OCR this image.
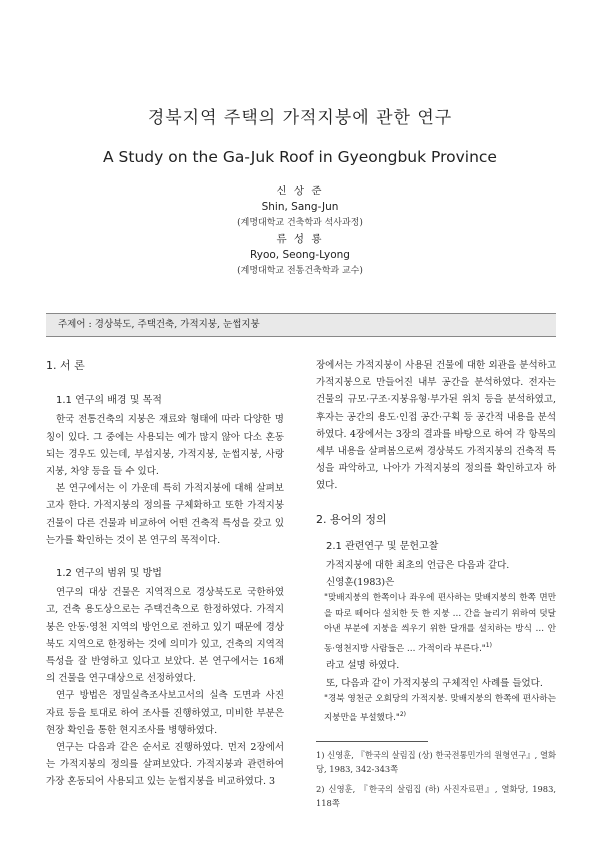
경북지역 주택의 가적지붕에 관한 연구
A Study on the Ga-Juk Roof in Gyeongbuk Province
신 상 준
Shin, Sang-Jun
(계명대학교 건축학과 석사과정)
류 성 룡
Ryoo, Seong-Lyong
(계명대학교 전통건축학과 교수)
주제어 : 경상북도, 주택건축, 가적지붕, 눈썹지붕
1. 서 론
1.1 연구의 배경 및 목적

한국 전통건축의 지붕은 재료와 형태에 따라 다양한 명칭이 있다. 그 중에는 사용되는 예가 많지 않아 다소 혼동되는 경우도 있는데, 부섭지붕, 가적지붕, 눈썹지붕, 사랑지붕, 차양 등을 들 수 있다.

본 연구에서는 이 가운데 특히 가적지붕에 대해 살펴보고자 한다. 가적지붕의 정의를 구체화하고 또한 가적지붕 건물이 다른 건물과 비교하여 어떤 건축적 특성을 갖고 있는가를 확인하는 것이 본 연구의 목적이다.

1.2 연구의 범위 및 방법

연구의 대상 건물은 지역적으로 경상북도로 국한하였고, 건축 용도상으로는 주택건축으로 한정하였다. 가적지붕은 안동·영천 지역의 방언으로 전하고 있기 때문에 경상북도 지역으로 한정하는 것에 의미가 있고, 건축의 지역적 특성을 잘 반영하고 있다고 보았다. 본 연구에서는 16채의 건물을 연구대상으로 선정하였다.

연구 방법은 정밀실측조사보고서의 실측 도면과 사진 자료 등을 토대로 하여 조사를 진행하였고, 미비한 부분은 현장 확인을 통한 현지조사를 병행하였다.

연구는 다음과 같은 순서로 진행하였다. 먼저 2장에서는 가적지붕의 정의를 살펴보았다. 가적지붕과 관련하여 가장 혼동되어 사용되고 있는 눈썹지붕을 비교하였다. 3

장에서는 가적지붕이 사용된 건물에 대한 외관을 분석하고 가적지붕으로 만들어진 내부 공간을 분석하였다. 전자는 건물의 규모·구조·지붕유형·부가된 위치 등을 분석하였고, 후자는 공간의 용도·인접 공간·구획 등 공간적 내용을 분석하였다. 4장에서는 3장의 결과를 바탕으로 하여 각 항목의 세부 내용을 살펴봄으로써 경상북도 가적지붕의 건축적 특성을 파악하고, 나아가 가적지붕의 정의를 확인하고자 하였다.

2. 용어의 정의
2.1 관련연구 및 문헌고찰

가적지붕에 대한 최초의 언급은 다음과 같다.

신영훈(1983)은

"맞배지붕의 한쪽이나 좌우에 편사하는 맞배지붕의 한쪽 면만을 따로 떼어다 설치한 듯 한 지붕 … 간을 늘리기 위하여 덧달아낸 부분에 지붕을 씌우기 위한 달개를 설치하는 방식 … 안동·영천지방 사람들은 … 가적이라 부른다."$^{1)}$

라고 설명 하였다.

또, 다음과 같이 가적지붕의 구체적인 사례를 들었다.

"경북 영천군 오회당의 가적지붕. 맞배지붕의 한쪽에 편사하는 지붕만을 부설했다."$^{2)}$

1) 신영훈, 『한국의 살림집 (상) 한국전통민가의 원형연구』, 열화당, 1983, 342-343쪽
2) 신영훈, 『한국의 살림집 (하) 사진자료편』, 열화당, 1983, 118쪽
